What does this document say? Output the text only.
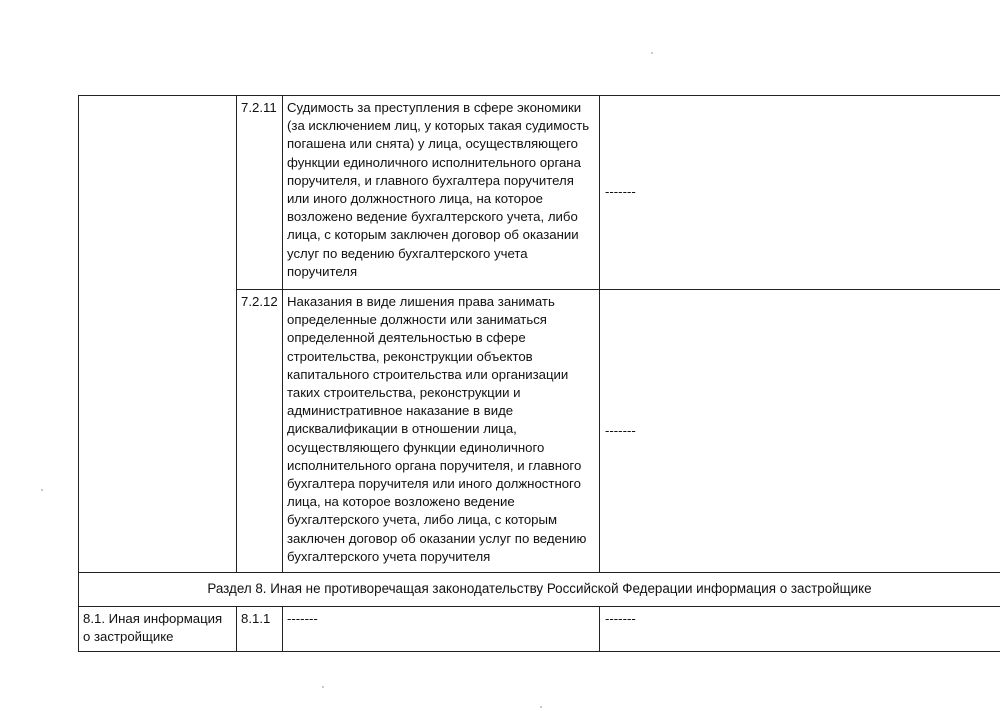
	7.2.11	Судимость за преступления в сфере экономики (за исключением лиц, у которых такая судимость погашена или снята) у лица, осуществляющего функции единоличного исполнительного органа поручителя, и главного бухгалтера поручителя или иного должностного лица, на которое возложено ведение бухгалтерского учета, либо лица, с которым заключен договор об оказании услуг по ведению бухгалтерского учета поручителя	-------
	7.2.12	Наказания в виде лишения права занимать определенные должности или заниматься определенной деятельностью в сфере строительства, реконструкции объектов капитального строительства или организации таких строительства, реконструкции и административное наказание в виде дисквалификации в отношении лица, осуществляющего функции единоличного исполнительного органа поручителя, и главного бухгалтера поручителя или иного должностного лица, на которое возложено ведение бухгалтерского учета, либо лица, с которым заключен договор об оказании услуг по ведению бухгалтерского учета поручителя	-------
Раздел 8. Иная не противоречащая законодательству Российской Федерации информация о застройщике			
8.1. Иная информация о застройщике	8.1.1	-------	-------
